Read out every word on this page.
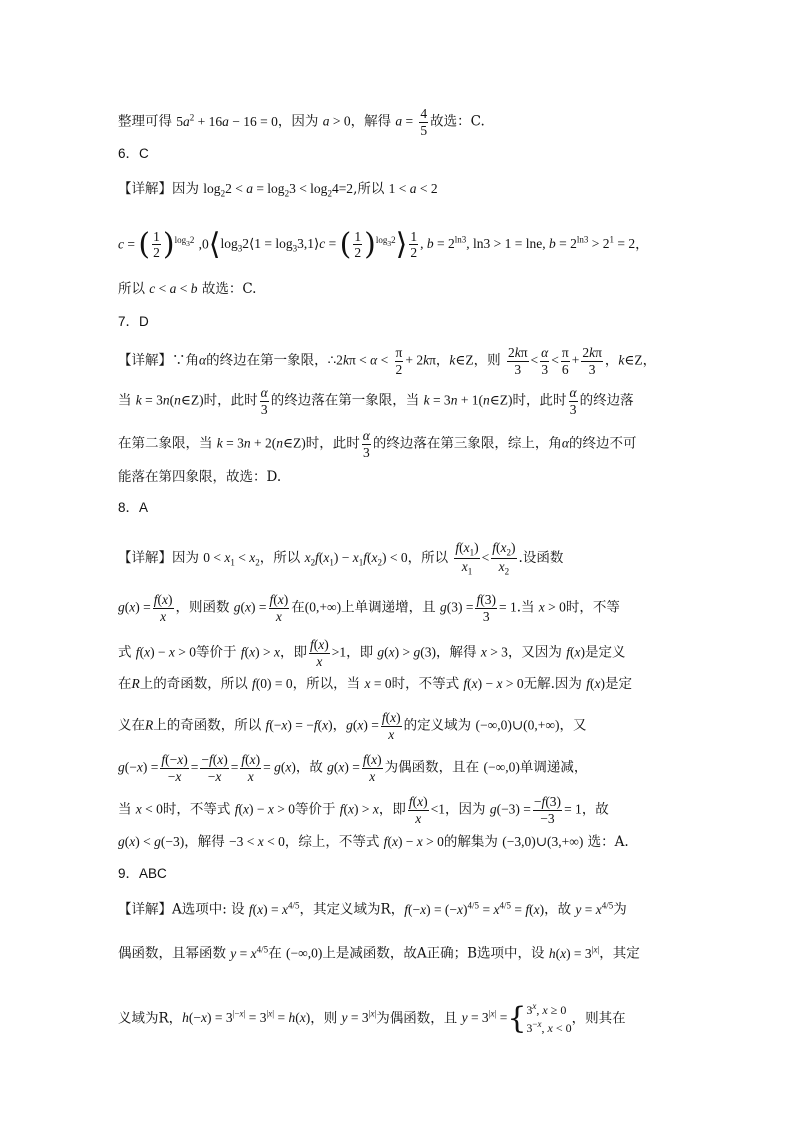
整理可得 $5a^2 + 16a - 16 = 0$，因为 a > 0，解得 $a = \frac{4}{5}$ 故选：C.
6．C
【详解】因为 $\log_22 < a = \log_23 < \log_24=2$,所以 1 < a < 2
c = ( $\frac{1}{2} )^{log_32}$ $,0⟨\log_32⟨1$ = $\log_33,1⟩c$ = ( $\frac{1}{2}$ )$^{log_32}$⟩ $\frac{1}{2}$ , $b = 2^{ln3}$, ln3 > 1 = lne, $b = 2^{ln3} > 2^1 = 2$，
所以 c < a < b 故选：C.
7．D
【详解】∵角α的终边在第一象限，∴2kπ < $\alpha < \frac{\pi}{2} + 2k\pi$，k∈Z，则 $\frac{2k\pi}{3} < \frac{\alpha}{3} < \frac{\pi}{6} + \frac{2k\pi}{3}$ ，k∈Z，
当 k = 3n(n∈Z)时，此时 $\frac{\alpha}{3}$ 的终边落在第一象限，当 k = 3n + 1(n∈Z)时，此时 $\frac{\alpha}{3}$ 的终边落
在第二象限，当 k = 3n + 2(n∈Z)时，此时 $\frac{\alpha}{3}$ 的终边落在第三象限，综上，角α的终边不可
能落在第四象限，故选：D.
8．A
【详解】因为 $0 < x_1 < x_2$，所以 $x_2f(x_1) - x_1f(x_2) < 0$，所以 $\frac{f(x_1)}{x_1} < \frac{f(x_2)}{x_2}$ .设函数
$g(x) = \frac{f(x)}{x}$ ，则函数 $g(x) = \frac{f(x)}{x}$ 在(0,+∞)上单调递增，且 $g(3) = \frac{f(3)}{3} = 1$.当 x > 0时，不等
式 f(x) − x > 0等价于 f(x) > x，即 $\frac{f(x)}{x} >1$，即 g(x) > g(3)，解得 x > 3，又因为 f(x)是定义
在R上的奇函数，所以 f(0) = 0，所以，当 x = 0时，不等式 f(x) − x > 0无解.因为 f(x)是定
义在R上的奇函数，所以 f(−x) = −f(x)，$g(x) = \frac{f(x)}{x}$ 的定义域为 (−∞,0)∪(0,+∞)，又
$g(-x) = \frac{f(-x)}{-x} = \frac{-f(x)}{-x} = \frac{f(x)}{x} = g(x)$，故 $g(x) = \frac{f(x)}{x}$ 为偶函数，且在 (−∞,0)单调递减，
当 x < 0时，不等式 f(x) − x > 0等价于 f(x) > x，即 $\frac{f(x)}{x} <1$，因为 $g(-3) = \frac{-f(3)}{-3} = 1$，故
g(x) < g(−3)，解得 −3 < x < 0，综上，不等式 f(x) − x > 0的解集为 (−3,0)∪(3,+∞) 选：A.
9．ABC
【详解】A选项中: 设 $f(x) = x^{4/5}$，其定义域为R，$f(-x) = (-x)^{4/5} = x^{4/5} = f(x)$，故 $y = x^{4/5}$为
偶函数，且幂函数 $y = x^{4/5}$在 (−∞,0)上是减函数，故A正确；B选项中，设 $h(x) = 3^{|x|}$，其定
义域为R，$h(-x) = 3^{|-x|} = 3^{|x|} = h(x)$，则 $y = 3^{|x|}$为偶函数，且 $y = 3^{|x|}$ ={ 3$^x$, x ≥ 0
$3^{-x}$, x < 0
，则其在
